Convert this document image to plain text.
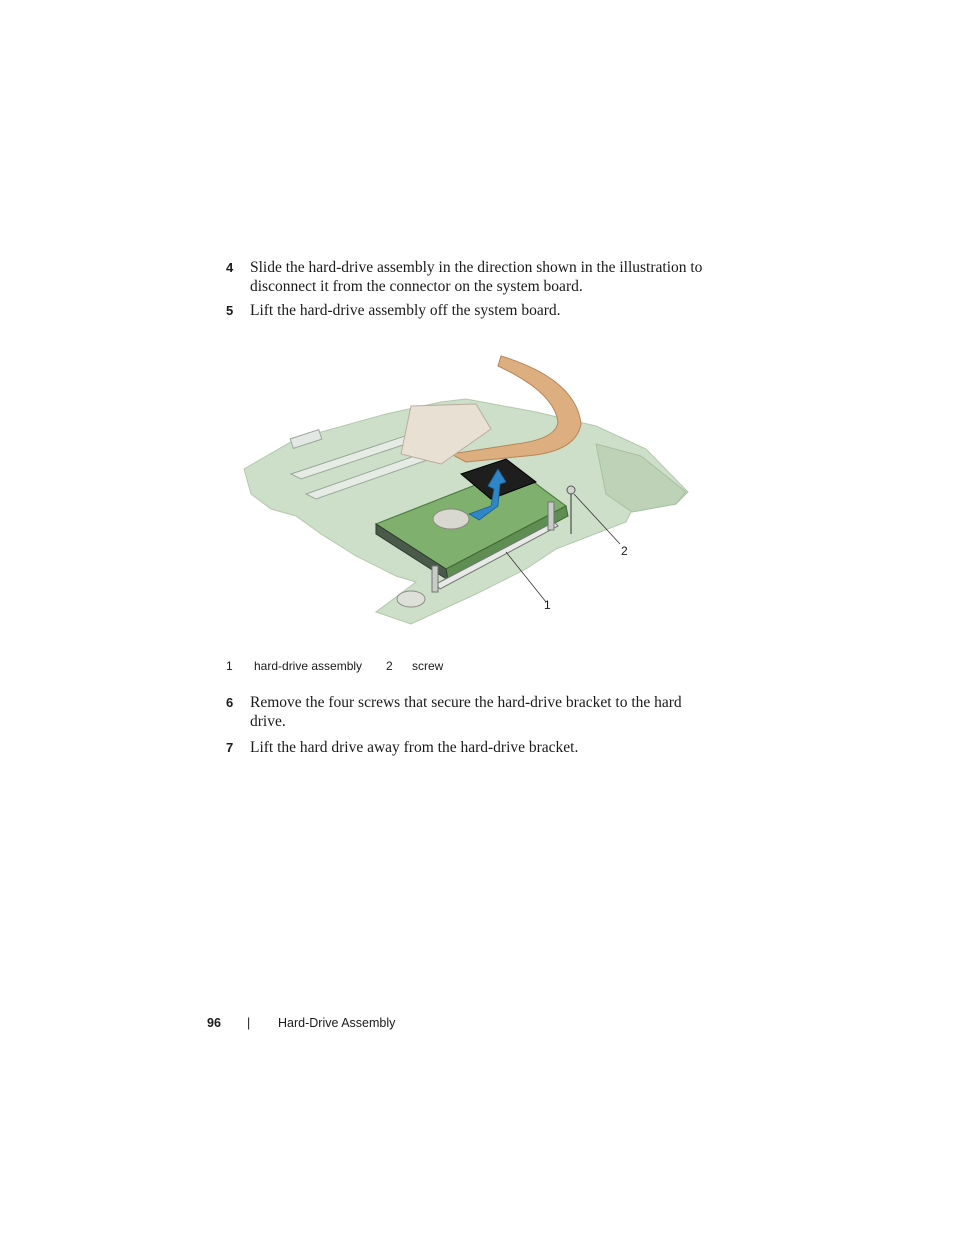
4 Slide the hard-drive assembly in the direction shown in the illustration to disconnect it from the connector on the system board.
5 Lift the hard-drive assembly off the system board.
2
1
1 hard-drive assembly 2 screw
6 Remove the four screws that secure the hard-drive bracket to the hard drive.
7 Lift the hard drive away from the hard-drive bracket.
96 | Hard-Drive Assembly
